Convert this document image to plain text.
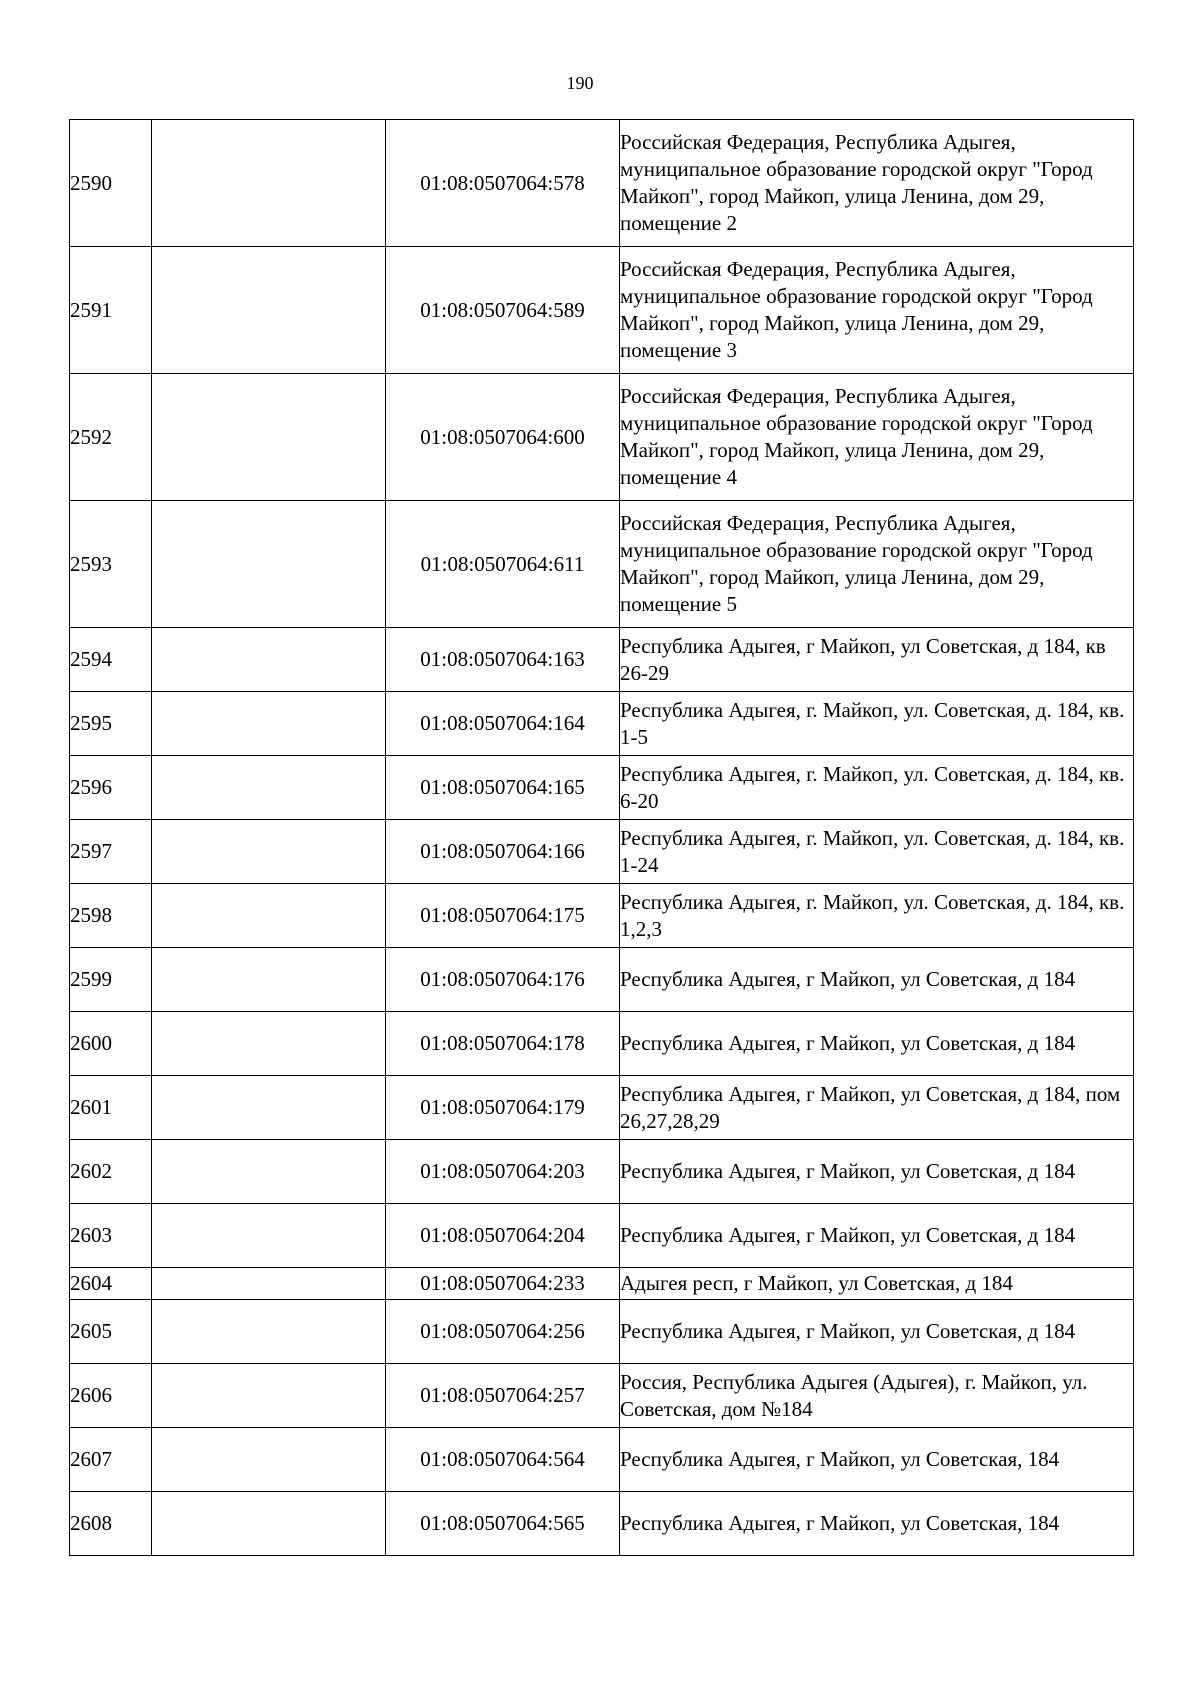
190
2590		01:08:0507064:578	Российская Федерация, Республика Адыгея, муниципальное образование городской округ "Город Майкоп", город Майкоп, улица Ленина, дом 29, помещение 2
2591		01:08:0507064:589	Российская Федерация, Республика Адыгея, муниципальное образование городской округ "Город Майкоп", город Майкоп, улица Ленина, дом 29, помещение 3
2592		01:08:0507064:600	Российская Федерация, Республика Адыгея, муниципальное образование городской округ "Город Майкоп", город Майкоп, улица Ленина, дом 29, помещение 4
2593		01:08:0507064:611	Российская Федерация, Республика Адыгея, муниципальное образование городской округ "Город Майкоп", город Майкоп, улица Ленина, дом 29, помещение 5
2594		01:08:0507064:163	Республика Адыгея, г Майкоп, ул Советская, д 184, кв 26-29
2595		01:08:0507064:164	Республика Адыгея, г. Майкоп, ул. Советская, д. 184, кв. 1-5
2596		01:08:0507064:165	Республика Адыгея, г. Майкоп, ул. Советская, д. 184, кв. 6-20
2597		01:08:0507064:166	Республика Адыгея, г. Майкоп, ул. Советская, д. 184, кв. 1-24
2598		01:08:0507064:175	Республика Адыгея, г. Майкоп, ул. Советская, д. 184, кв. 1,2,3
2599		01:08:0507064:176	Республика Адыгея, г Майкоп, ул Советская, д 184
2600		01:08:0507064:178	Республика Адыгея, г Майкоп, ул Советская, д 184
2601		01:08:0507064:179	Республика Адыгея, г Майкоп, ул Советская, д 184, пом 26,27,28,29
2602		01:08:0507064:203	Республика Адыгея, г Майкоп, ул Советская, д 184
2603		01:08:0507064:204	Республика Адыгея, г Майкоп, ул Советская, д 184
2604		01:08:0507064:233	Адыгея респ, г Майкоп, ул Советская, д 184
2605		01:08:0507064:256	Республика Адыгея, г Майкоп, ул Советская, д 184
2606		01:08:0507064:257	Россия, Республика Адыгея (Адыгея), г. Майкоп, ул. Советская, дом №184
2607		01:08:0507064:564	Республика Адыгея, г Майкоп, ул Советская, 184
2608		01:08:0507064:565	Республика Адыгея, г Майкоп, ул Советская, 184
